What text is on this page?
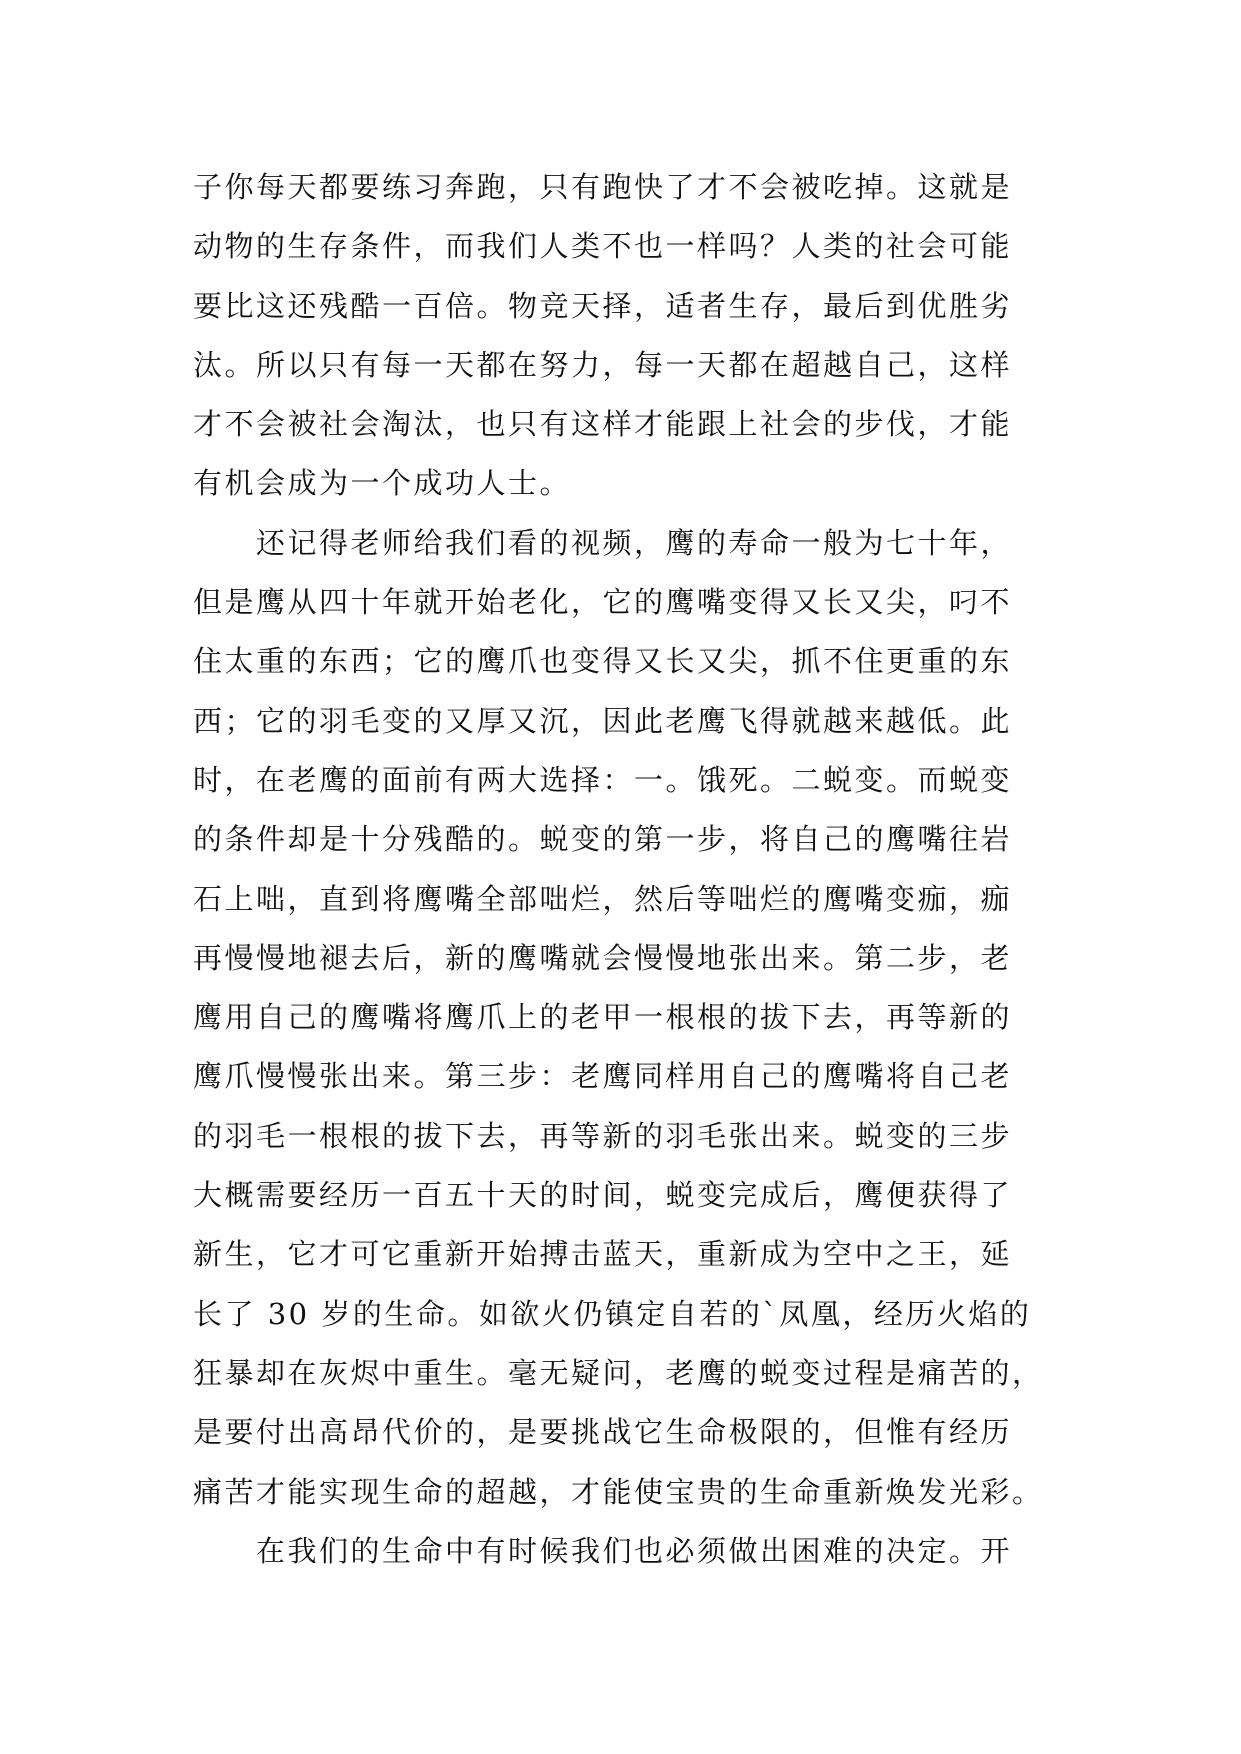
子你每天都要练习奔跑，只有跑快了才不会被吃掉。这就是
动物的生存条件，而我们人类不也一样吗？人类的社会可能
要比这还残酷一百倍。物竞天择，适者生存，最后到优胜劣
汰。所以只有每一天都在努力，每一天都在超越自己，这样
才不会被社会淘汰，也只有这样才能跟上社会的步伐，才能
有机会成为一个成功人士。
　　还记得老师给我们看的视频，鹰的寿命一般为七十年，
但是鹰从四十年就开始老化，它的鹰嘴变得又长又尖，叼不
住太重的东西；它的鹰爪也变得又长又尖，抓不住更重的东
西；它的羽毛变的又厚又沉，因此老鹰飞得就越来越低。此
时，在老鹰的面前有两大选择：一。饿死。二蜕变。而蜕变
的条件却是十分残酷的。蜕变的第一步，将自己的鹰嘴往岩
石上咄，直到将鹰嘴全部咄烂，然后等咄烂的鹰嘴变痂，痂
再慢慢地褪去后，新的鹰嘴就会慢慢地张出来。第二步，老
鹰用自己的鹰嘴将鹰爪上的老甲一根根的拔下去，再等新的
鹰爪慢慢张出来。第三步：老鹰同样用自己的鹰嘴将自己老
的羽毛一根根的拔下去，再等新的羽毛张出来。蜕变的三步
大概需要经历一百五十天的时间，蜕变完成后，鹰便获得了
新生，它才可它重新开始搏击蓝天，重新成为空中之王，延
长了 30 岁的生命。如欲火仍镇定自若的`凤凰，经历火焰的
狂暴却在灰烬中重生。毫无疑问，老鹰的蜕变过程是痛苦的，
是要付出高昂代价的，是要挑战它生命极限的，但惟有经历
痛苦才能实现生命的超越，才能使宝贵的生命重新焕发光彩。
　　在我们的生命中有时候我们也必须做出困难的决定。开
